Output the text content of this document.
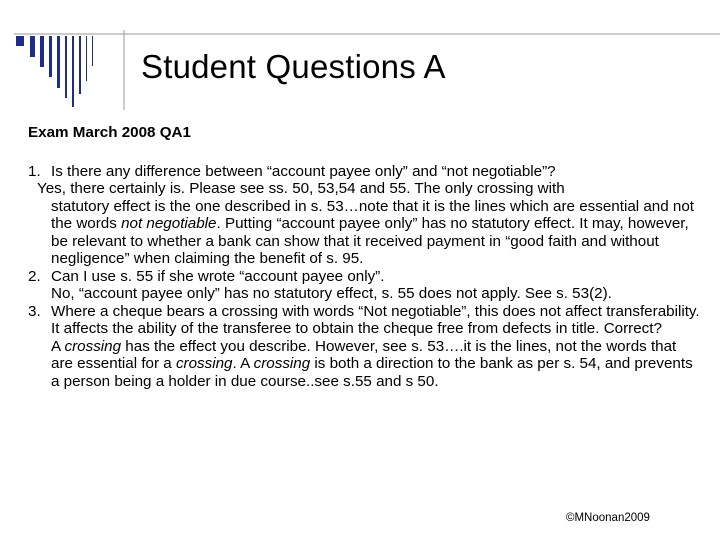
Student Questions A
Exam March 2008 QA1
1. Is there any difference between “account payee only” and “not negotiable”?
Yes, there certainly is. Please see ss. 50, 53,54 and 55. The only crossing with
statutory effect is the one described in s. 53…note that it is the lines which are essential and not the words not negotiable. Putting “account payee only” has no statutory effect. It may, however, be relevant to whether a bank can show that it received payment in “good faith and without negligence” when claiming the benefit of s. 95.
2. Can I use s. 55 if she wrote “account payee only”.
No, “account payee only” has no statutory effect, s. 55 does not apply. See s. 53(2).
3. Where a cheque bears a crossing with words “Not negotiable”, this does not affect transferability. It affects the ability of the transferee to obtain the cheque free from defects in title. Correct?
A crossing has the effect you describe. However, see s. 53….it is the lines, not the words that are essential for a crossing. A crossing is both a direction to the bank as per s. 54, and prevents a person being a holder in due course..see s.55 and s 50.
©MNoonan2009
